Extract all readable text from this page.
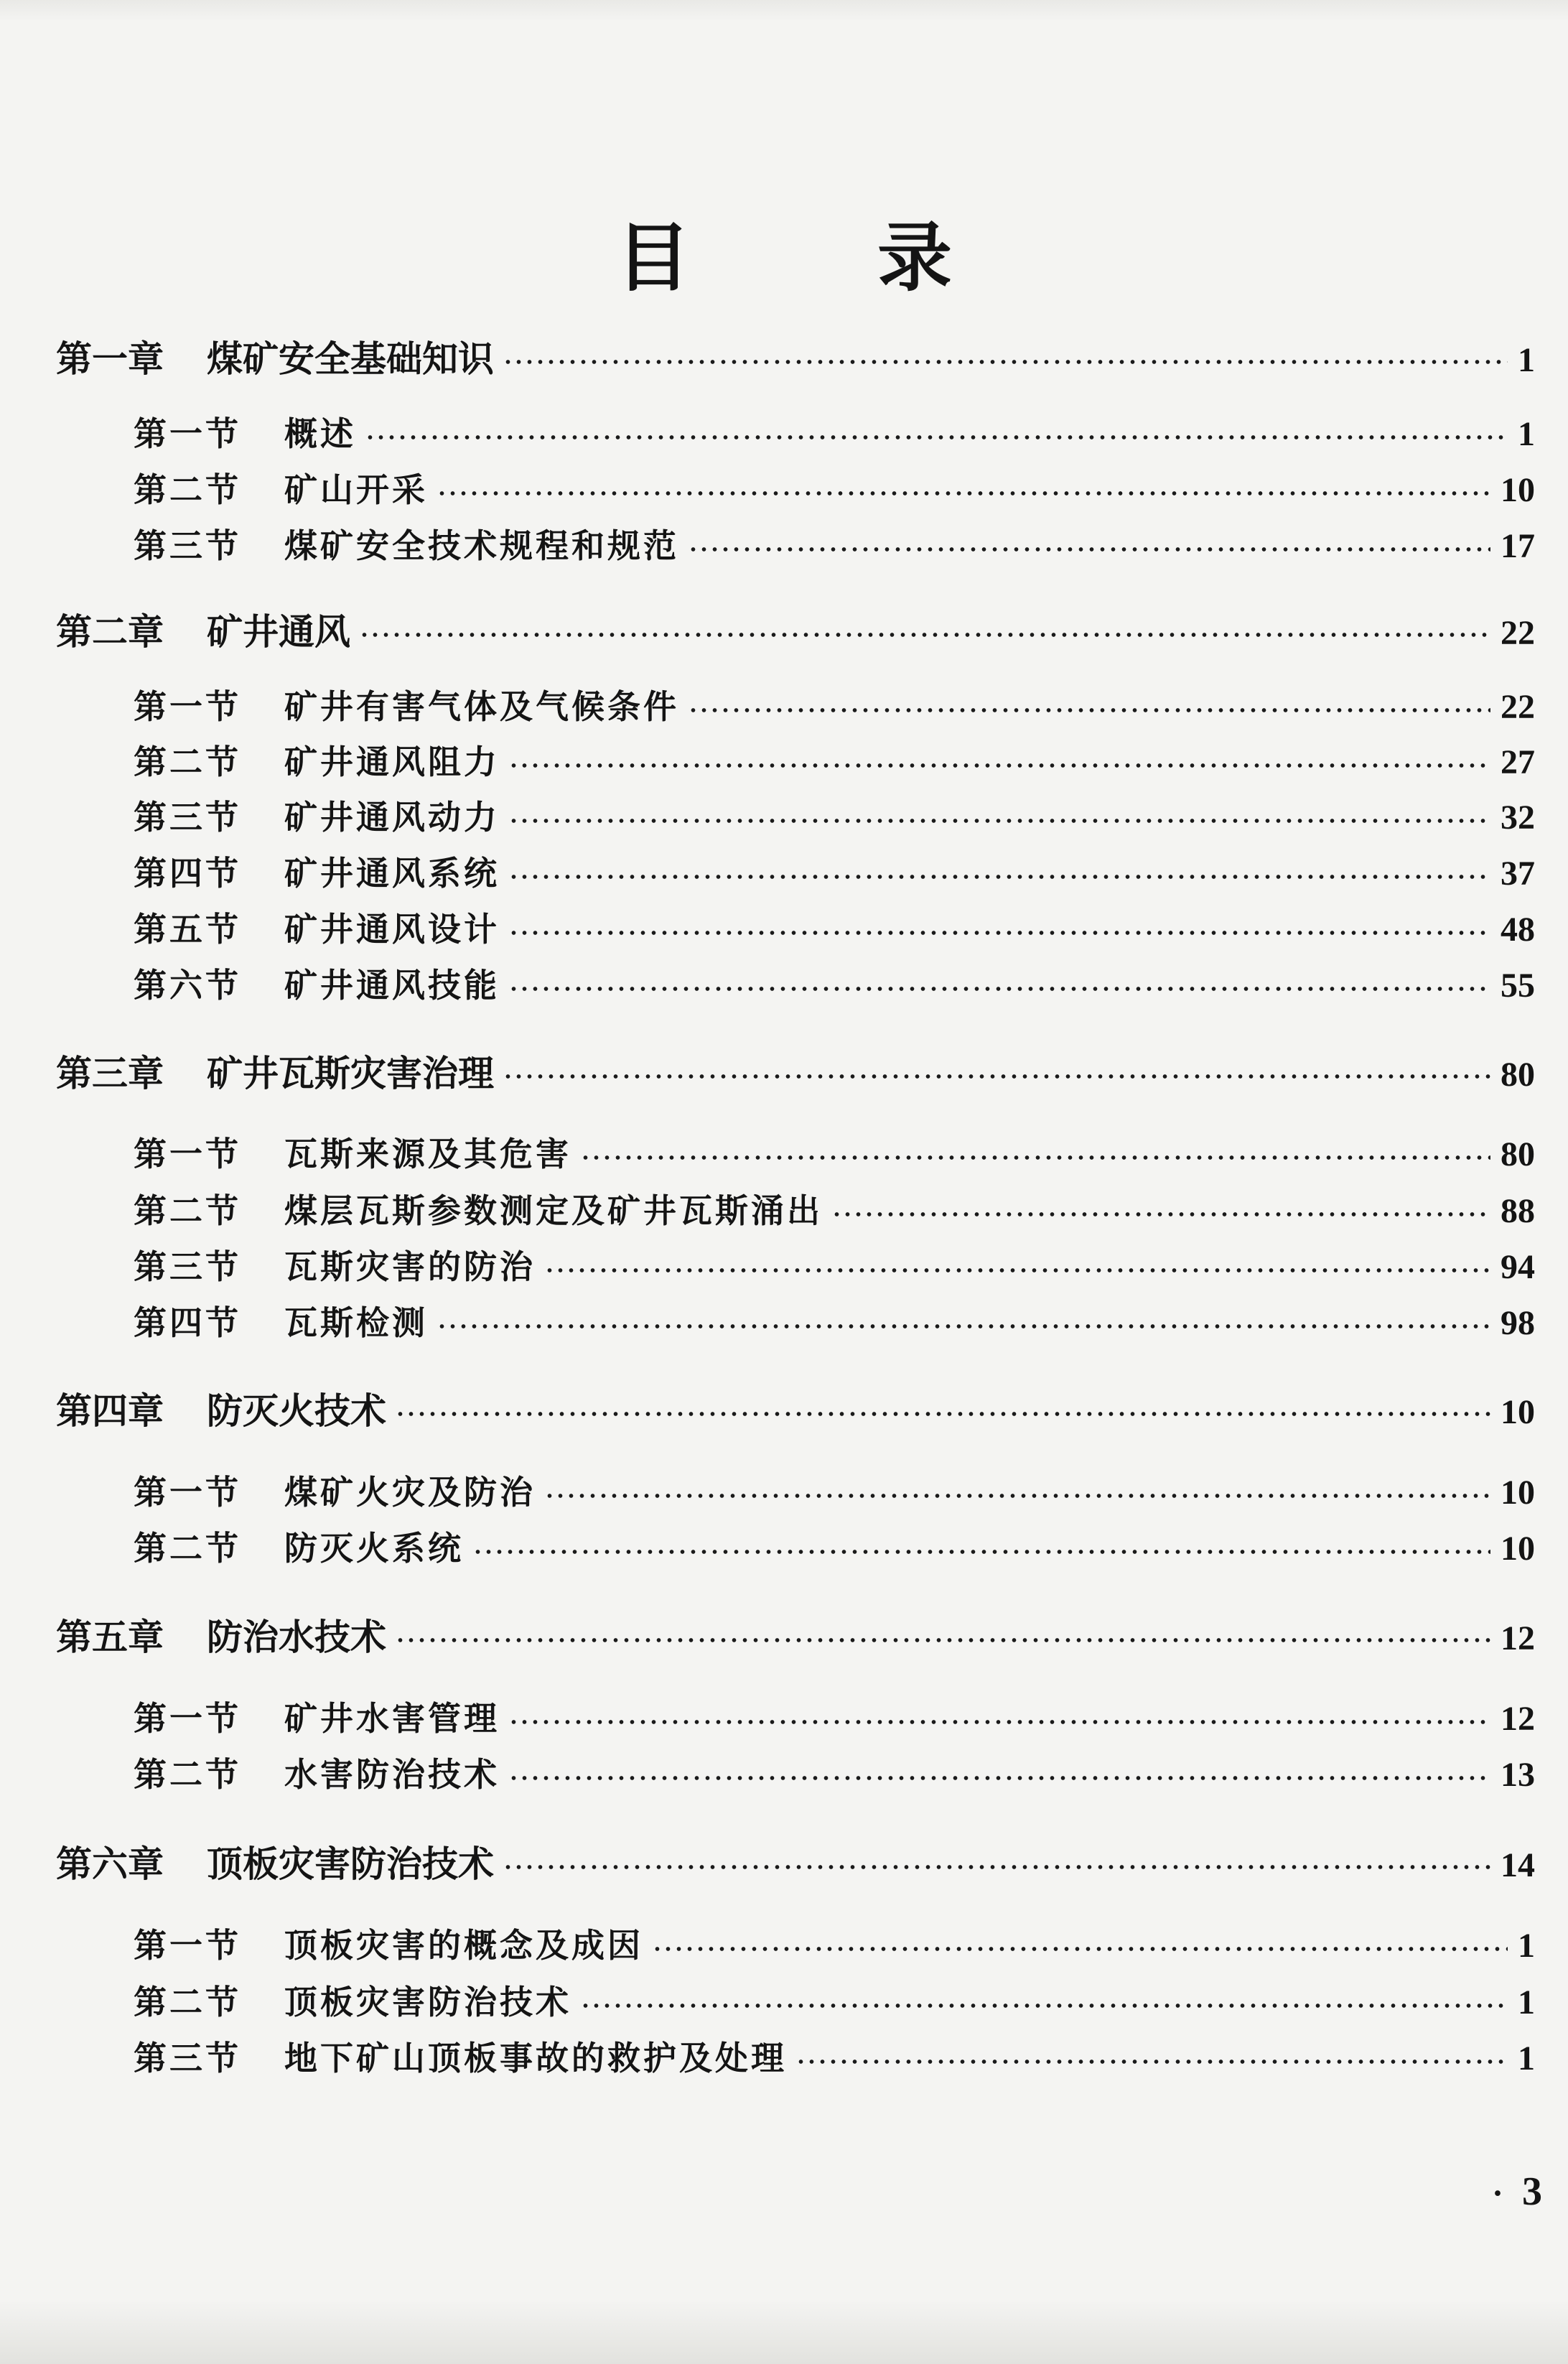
目	录
第一章	煤矿安全基础知识	1
第一节	概述	1
第二节	矿山开采	10
第三节	煤矿安全技术规程和规范	17
第二章	矿井通风	22
第一节	矿井有害气体及气候条件	22
第二节	矿井通风阻力	27
第三节	矿井通风动力	32
第四节	矿井通风系统	37
第五节	矿井通风设计	48
第六节	矿井通风技能	55
第三章	矿井瓦斯灾害治理	80
第一节	瓦斯来源及其危害	80
第二节	煤层瓦斯参数测定及矿井瓦斯涌出	88
第三节	瓦斯灾害的防治	94
第四节	瓦斯检测	98
第四章	防灭火技术	10
第一节	煤矿火灾及防治	10
第二节	防灭火系统	10
第五章	防治水技术	12
第一节	矿井水害管理	12
第二节	水害防治技术	13
第六章	顶板灾害防治技术	14
第一节	顶板灾害的概念及成因	1
第二节	顶板灾害防治技术	1
第三节	地下矿山顶板事故的救护及处理	1
· 3
